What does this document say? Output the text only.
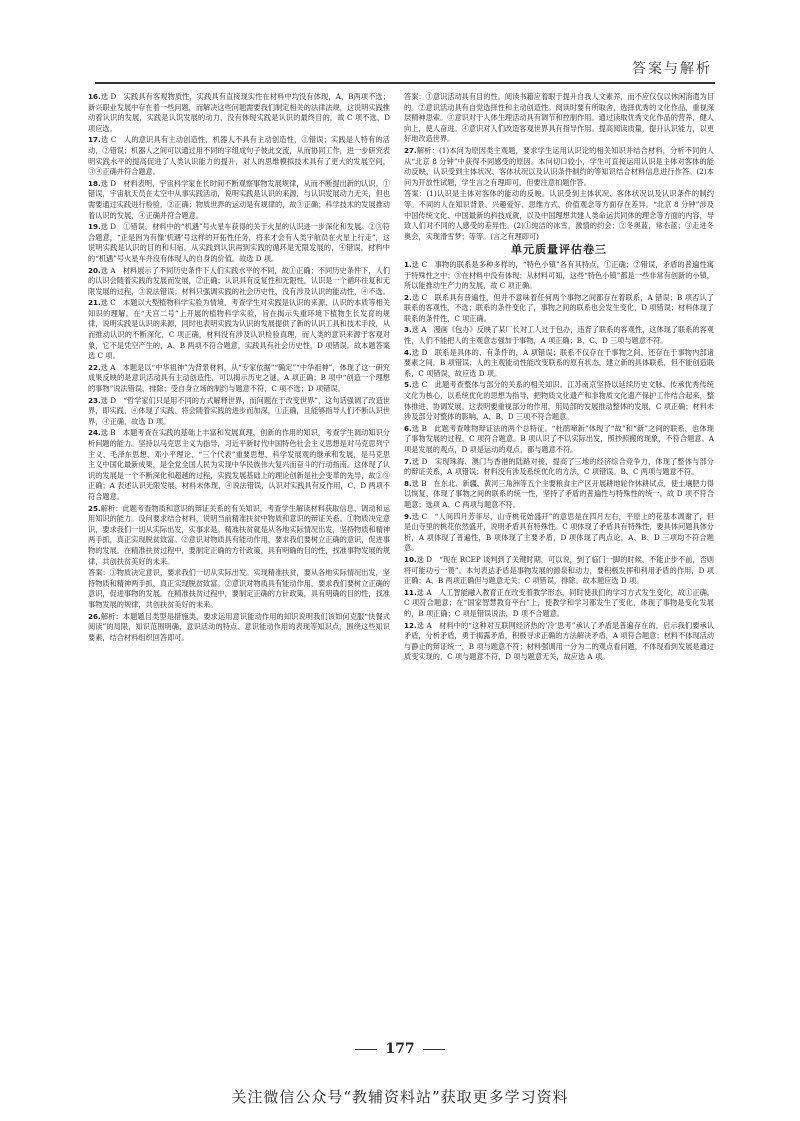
答案与解析

16.选 D　实践具有客观物质性，实践具有直接现实性在材料中均没有体现，A、B两项不选；新兴职业发展中存在着一些问题，而解决这些问题需要我们制定相关的法律法规，这说明实践推动着认识的发展，实践是认识发展的动力，没有体现实践是认识的最终目的，故 C 项不选，D 项应选。

17.选 C　人的意识具有主动创造性，机器人不具有主动创造性，①错误；实践是人特有的活动，②错误；机器人之间可以通过用不同的字组成句子彼此交流，从而协同工作，进一步研究表明实践水平的提高促进了人类认识能力的提升，对人的思维模拟技术具有了更大的发展空间，③④正确并符合题意。

18.选 D　材料表明，宇宙科学家在长时间不断观察事物发展规律，从而不断提出新的认识。①错误，宇宙航天员在太空中从事实践活动，说明实践是认识的来源，与认识发展动力无关，但也需要通过实践进行检验，②正确；物质世界的运动是有规律的，故③正确；科学技术的发展推动着认识的发展，④正确并符合题意。

19.选 D　①错误，材料中的“机遇”号火星车获得的关于火星的认识进一步深化和发展。②③符合题意，“正是因为有像‘机遇’号这样的开拓性任务，将来才会有人类宇航员在火星上行走”，这说明实践是认识的目的和归宿，从实践到认识再到实践的循环是无限发展的，④错误，材料中的“机遇”号火星车并没有体现人的自身的价值。故选 D 项。

20.选 A　材料展示了不同历史条件下人们实践水平的不同，故①正确；不同历史条件下，人们的认识会随着实践的发展而发展，②正确；认识具有反复性和无限性，认识是一个循环往复和无限发展的过程，③说法错误；材料只强调实践的社会历史性，没有涉及认识的能动性，④不选。

21.选 C　本题以大型植物科学实验为情境，考查学生对实践是认识的来源、认识的本质等相关知识的理解。在“天宫二号”上开展的植物科学实验，旨在揭示失重环境下植物生长发育的规律，说明实践是认识的来源，同时也表明实践为认识的发展提供了新的认识工具和技术手段，从而推动认识的不断深化，C 项正确，材料没有涉及认识检验真理，而人类的意识来源于客观对象，它不是凭空产生的，A、B 两项不符合题意，实践具有社会历史性，D 项错误。故本题答案选 C 项。

22.选 A　本题是以“中华祖神”为背景材料，从“专家依据”“确定”“中华祖神”，体现了这一研究成果反映的是意识活动具有主动创造性，可以揭示历史之谜，A 项正确；B 项中“创造一个理想的事物”说法错误，排除；受自身立场的制约与题意不符，C 项不选；D 项错误。

23.选 D　“哲学家们只是用不同的方式解释世界，而问题在于改变世界”，这句话强调了改造世界，即实践，④体现了实践、将会随着实践的进步而加深，①正确，且能够指导人们不断认识世界，④正确，故选 D 项。

24.选 B　本题考查在实践的基础上丰富和发展真理，创新的作用的知识，考查学生调动知识分析问题的能力。坚持以马克思主义为指导，习近平新时代中国特色社会主义思想是对马克思列宁主义、毛泽东思想、邓小平理论、“三个代表”重要思想、科学发展观的继承和发展，是马克思主义中国化最新成果，是全党全国人民为实现中华民族伟大复兴而奋斗的行动指南。这体现了认识的发展是一个不断深化和超越的过程，实践发展基础上的理论创新是社会变革的先导，故②③正确；A 表述认识无限发展，材料未体现，④说法错误，认识对实践具有反作用，C、D 两项不符合题意。

25.解析：此题考查物质和意识的辩证关系的有关知识，考查学生解读材料获取信息、调动和运用知识的能力。设问要求结合材料，说明当前精准扶贫中物质和意识的辩证关系。①物质决定意识，要求我们一切从实际出发，实事求是。精准扶贫就是从各地实际情况出发，坚持物质和精神两手抓，真正实现脱贫致富。②意识对物质具有能动作用，要求我们要树立正确的意识，促进事物的发展。在精准扶贫过程中，要制定正确的方针政策，具有明确的目的性，找准事物发展的规律，共创扶贫美好的未来。

答案：①物质决定意识，要求我们一切从实际出发。实现精准扶贫，要从各地实际情况出发，坚持物质和精神两手抓，真正实现脱贫致富。②意识对物质具有能动作用，要求我们要树立正确的意识，促进事物的发展。在精准扶贫过程中，要制定正确的方针政策，具有明确的目的性，找准事物发展的规律，共创扶贫美好的未来。

26.解析：本题题目类型是措施类，要求运用意识能动作用的知识说明我们该如何克服“快餐式阅读”的局限，知识范围明确，意识活动的特点、意识能动作用的表现等知识点，围绕这些知识要素，结合材料组织回答即可。

答案：①意识活动具有目的性。阅读书籍应着眼于提升自我人文素养，而不应仅仅以休闲消遣为目的。②意识活动具有自觉选择性和主动创造性。阅读时要有所取舍，选择优秀的文化作品，重视深层精神思索。③意识对于人体生理活动具有调节和控制作用。通过读取优秀文化作品的营养，健人向上，使人奋进。④意识对人们改造客观世界具有指导作用。提高阅读质量，提升认识能力，以更好地改造世界。

27.解析：(1)本问为原因类主观题，要求学生运用认识论的相关知识并结合材料，分析不同的人从“北京 8 分钟”中获得不同感受的原因。本问切口较小，学生可直接运用认识是主体对客体的能动反映、认识受到主体状况、客体状况以及认识条件制约的等知识结合材料信息进行作答。(2)本问为开放性试题，学生言之有理即可，但要注意扣题作答。

答案：(1)认识是主体对客体的能动的反映。认识受到主体状况、客体状况以及认识条件的制约等。不同的人在知识背景、兴趣爱好、思维方式、价值观念等方面存在差异。“北京 8 分钟”涉及中国传统文化、中国最新的科技成就，以及中国理想共建人类命运共同体的理念等方面的内容，导致人们对不同的人感受的差异性。(2)①纯洁的冰雪，激情的约会；②冬奥蓝，常态蓝；③走进冬奥会，实现滑雪梦；等等。(言之有理即可)

单元质量评估卷三

1.选 C　事物的联系是多种多样的，“特色小镇”各有其特点，①正确；②错误，矛盾的普遍性寓于特殊性之中；③在材料中没有体现；从材料可知，这些“特色小镇”都是一些非常有创新的小镇，所以能推动生产力的发展，故 C 项正确。

2.选 C　联系具有普遍性，但并不意味着任何两个事物之间都存在着联系，A 错误；B 项否认了联系的客观性，不选；联系的条件变化了，事物之间的联系也会发生变化，D 项错误；材料体现了联系的条件性，C 项正确。

3.选 A　漫画《包办》反映了某厂长对工人过于包办，违背了联系的客观性，这体现了联系的客观性，人们不能把人的主观意志强加于事物，A 项正确；B、C、D 三项与题意不符。

4.选 D　联系是具体的、有条件的，A 项错误；联系不仅存在于事物之间，还存在于事物内部诸要素之间，B 项错误；人的主观能动性能改变联系的原有状态，建立新的具体联系，但不能创造联系，C 项错误，故应选 D 项。

5.选 C　此题考查整体与部分的关系的相关知识。江苏南京坚持以延续历史文脉、传承优秀传统文化为核心，以系统优化的思想为指导，把物质文化遗产和非物质文化遗产保护工作结合起来，整体推进、协调发展。这表明要重视部分的作用，用局部的发展推动整体的发展，C 项正确；材料未涉及部分对整体的影响，A、B、D 三项不符合题意。

6.选 B　此题考查唯物辩证法的两个总特征。“杜鹃啼新”体现了“故”和“新”之间的联系，也体现了事物发展的过程，C 项符合题意。B 项认识了不以实际出发，照抄照搬的现象，不符合题意。A 项是发展的观点，D 项是运动的观点，都与题意不符。

7.选 D　实现珠海、澳门与香港的陆路对接，提高了三地的经济综合竞争力，体现了整体与部分的辩证关系，A 项错误；材料没有涉及系统优化的方法，C 项错误。B、C 两项与题意不符。

8.选 B　在东北、新疆、黄河三角洲等五个主要粮食主产区开展耕地轮作休耕试点，使土壤肥力得以恢复，体现了事物之间的联系的统一性，坚持了矛盾的普遍性与特殊性的统一，故 D 项不符合题意；选项 A、C 两项与题意不符。

9.选 C　“人间四月芳菲尽，山寺桃花始盛开”的意思是在四月左右，平原上的花基本凋谢了，但是山寺里的桃花依然盛开，说明矛盾具有特殊性。C 项体现了矛盾具有特殊性，要具体问题具体分析，A 项体现了普遍性，B 项体现了主要矛盾，D 项体现了两点论，A、B、D 三项均不符合题意。

10.选 D　“现在 RCEP 谈判到了关键时期，可以说，到了临门一脚的时候，不能止步不前，否则将可能功亏一篑”。本句表达矛盾是事物发展的源泉和动力，要积极发挥和利用矛盾的作用，D 项正确；A、B 两项正确但与题意无关；C 项错误，排除。故本题应选 D 项。

11.选 A　人工智能融入教育正在改变着教学形态，同时使我们的学习方式发生变化，故①正确，C 项符合题意；在“国家智慧教育平台”上，使教学和学习都发生了变化，体现了事物是变化发展的，B 项正确；C 项是错误说法，D 项不合题意。

12.选 A　材料中的“这种对互联网经济热的‘冷’思考”承认了矛盾是普遍存在的，启示我们要承认矛盾，分析矛盾，勇于揭露矛盾，积极寻求正确的方法解决矛盾，A 项符合题意；材料不体现活动与静止的辩证统一，B 项与题意不符；材料强调用一分为二的观点看问题，不体现看到发展是通过质变实现的，C 项与题意不符，D 项与题意无关，故应选 A 项。

177
关注微信公众号“教辅资料站”获取更多学习资料
